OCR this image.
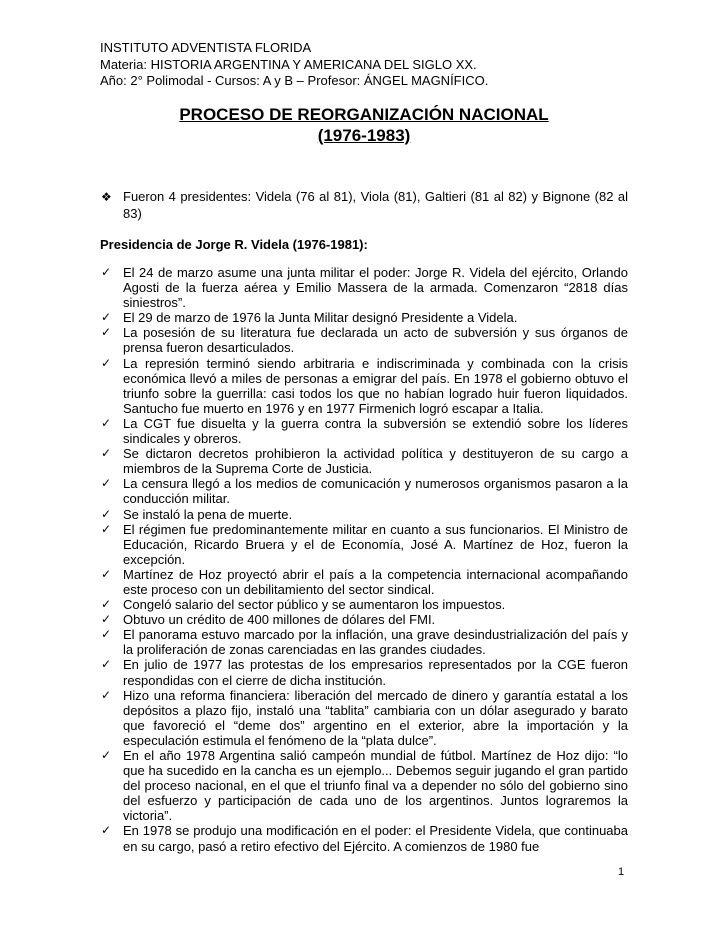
INSTITUTO ADVENTISTA FLORIDA
Materia: HISTORIA ARGENTINA Y AMERICANA DEL SIGLO XX.
Año: 2° Polimodal - Cursos: A y B – Profesor: ÁNGEL MAGNÍFICO.
PROCESO DE REORGANIZACIÓN NACIONAL
(1976-1983)
❖ Fueron 4 presidentes: Videla (76 al 81), Viola (81), Galtieri (81 al 82) y Bignone (82 al 83)
Presidencia de Jorge R. Videla (1976-1981):
✓ El 24 de marzo asume una junta militar el poder: Jorge R. Videla del ejército, Orlando Agosti de la fuerza aérea y Emilio Massera de la armada. Comenzaron “2818 días siniestros”.
✓ El 29 de marzo de 1976 la Junta Militar designó Presidente a Videla.
✓ La posesión de su literatura fue declarada un acto de subversión y sus órganos de prensa fueron desarticulados.
✓ La represión terminó siendo arbitraria e indiscriminada y combinada con la crisis económica llevó a miles de personas a emigrar del país. En 1978 el gobierno obtuvo el triunfo sobre la guerrilla: casi todos los que no habían logrado huir fueron liquidados. Santucho fue muerto en 1976 y en 1977 Firmenich logró escapar a Italia.
✓ La CGT fue disuelta y la guerra contra la subversión se extendió sobre los líderes sindicales y obreros.
✓ Se dictaron decretos prohibieron la actividad política y destituyeron de su cargo a miembros de la Suprema Corte de Justicia.
✓ La censura llegó a los medios de comunicación y numerosos organismos pasaron a la conducción militar.
✓ Se instaló la pena de muerte.
✓ El régimen fue predominantemente militar en cuanto a sus funcionarios. El Ministro de Educación, Ricardo Bruera y el de Economía, José A. Martínez de Hoz, fueron la excepción.
✓ Martínez de Hoz proyectó abrir el país a la competencia internacional acompañando este proceso con un debilitamiento del sector sindical.
✓ Congeló salario del sector público y se aumentaron los impuestos.
✓ Obtuvo un crédito de 400 millones de dólares del FMI.
✓ El panorama estuvo marcado por la inflación, una grave desindustrialización del país y la proliferación de zonas carenciadas en las grandes ciudades.
✓ En julio de 1977 las protestas de los empresarios representados por la CGE fueron respondidas con el cierre de dicha institución.
✓ Hizo una reforma financiera: liberación del mercado de dinero y garantía estatal a los depósitos a plazo fijo, instaló una “tablita” cambiaria con un dólar asegurado y barato que favoreció el “deme dos” argentino en el exterior, abre la importación y la especulación estimula el fenómeno de la “plata dulce”.
✓ En el año 1978 Argentina salió campeón mundial de fútbol. Martínez de Hoz dijo: “lo que ha sucedido en la cancha es un ejemplo... Debemos seguir jugando el gran partido del proceso nacional, en el que el triunfo final va a depender no sólo del gobierno sino del esfuerzo y participación de cada uno de los argentinos. Juntos lograremos la victoria”.
✓ En 1978 se produjo una modificación en el poder: el Presidente Videla, que continuaba en su cargo, pasó a retiro efectivo del Ejército. A comienzos de 1980 fue
1
